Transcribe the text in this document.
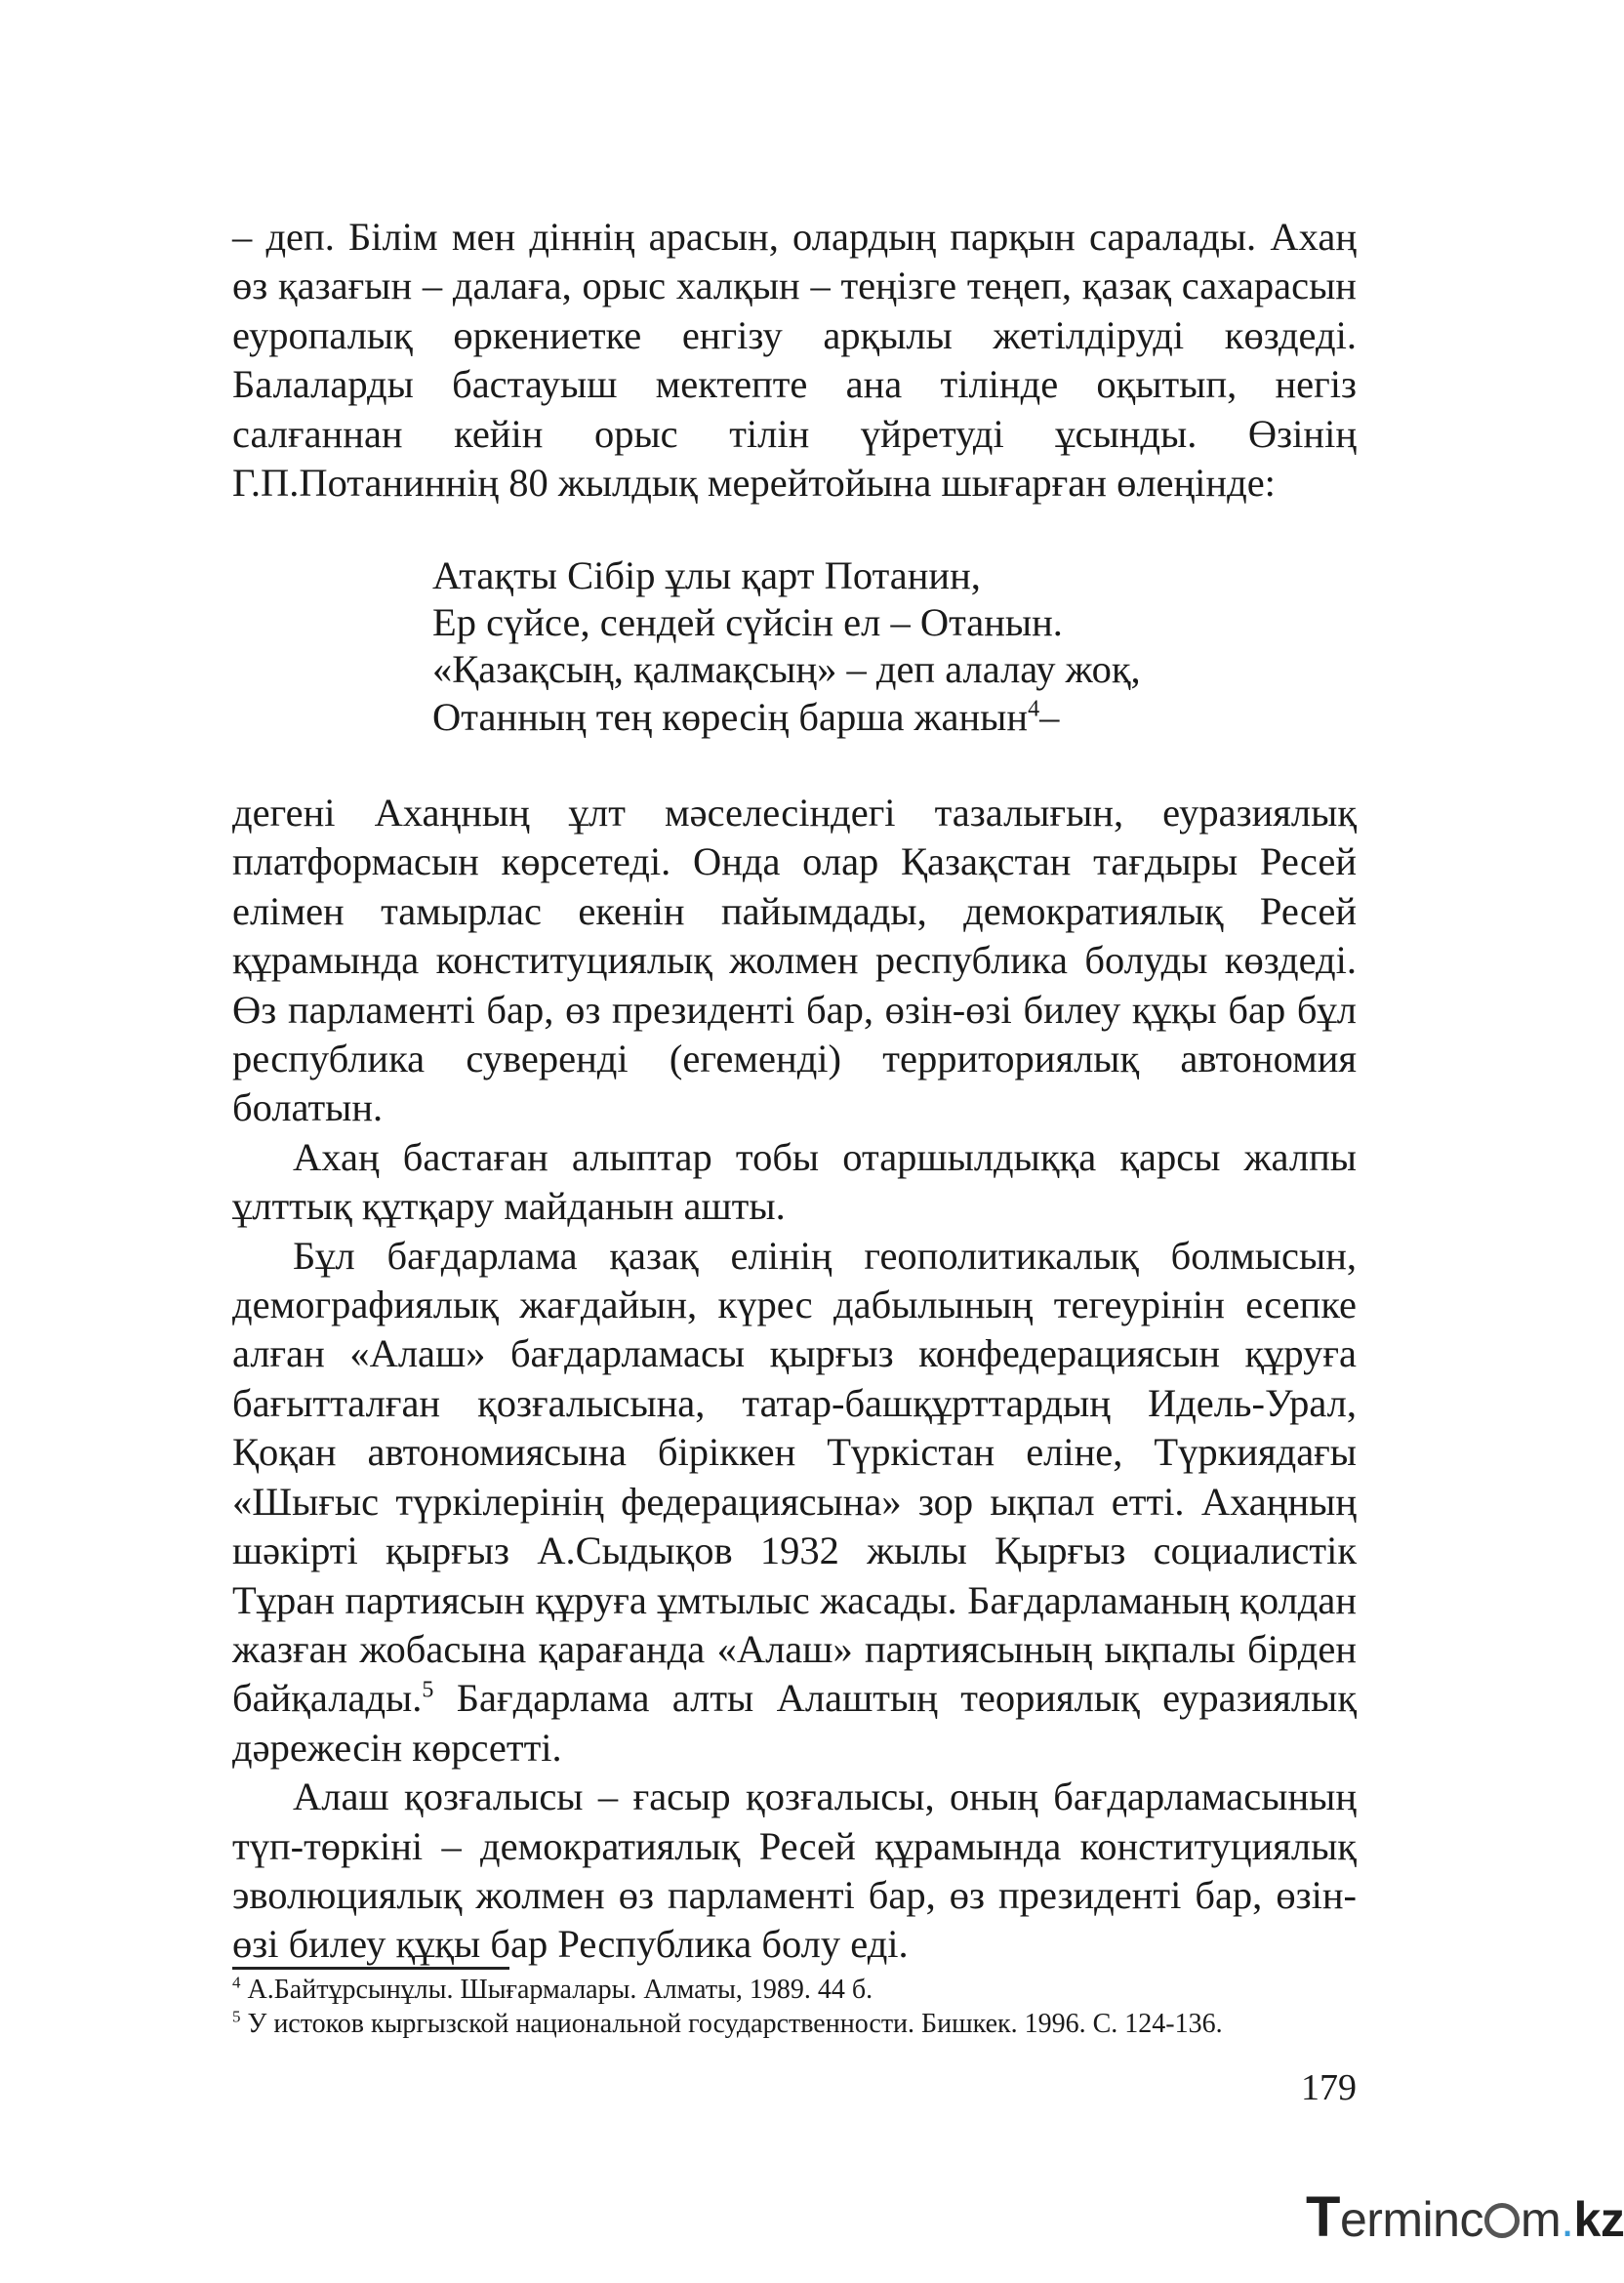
– деп. Білім мен діннің арасын, олардың парқын саралады. Ахаң өз қазағын – далаға, орыс халқын – теңізге теңеп, қазақ сахарасын еуропалық өркениетке енгізу арқылы жетілдіруді көздеді. Балаларды бастауыш мектепте ана тілінде оқытып, негіз салғаннан кейін орыс тілін үйретуді ұсынды. Өзінің Г.П.Потаниннің 80 жылдық мерейтойына шығарған өлеңінде:

Атақты Сібір ұлы қарт Потанин,
Ер сүйсе, сендей сүйсін ел – Отанын.
«Қазақсың, қалмақсың» – деп алалау жоқ,
Отанның тең көресің барша жанын$^4$–

дегені Ахаңның ұлт мәселесіндегі тазалығын, еуразиялық платформасын көрсетеді. Онда олар Қазақстан тағдыры Ресей елімен тамырлас екенін пайымдады, демократиялық Ресей құрамында конституциялық жолмен республика болуды көздеді. Өз парламенті бар, өз президенті бар, өзін-өзі билеу құқы бар бұл республика суверенді (егеменді) территориялық автономия болатын.

Ахаң бастаған алыптар тобы отаршылдыққа қарсы жалпы ұлттық құтқару майданын ашты.

Бұл бағдарлама қазақ елінің геополитикалық болмысын, демографиялық жағдайын, күрес дабылының тегеурінін есепке алған «Алаш» бағдарламасы қырғыз конфедерациясын құруға бағытталған қозғалысына, татар-башқұрттардың Идель-Урал, Қоқан автономиясына біріккен Түркістан еліне, Түркиядағы «Шығыс түркілерінің федерациясына» зор ықпал етті. Ахаңның шәкірті қырғыз А.Сыдықов 1932 жылы Қырғыз социалистік Тұран партиясын құруға ұмтылыс жасады. Бағдарламаның қолдан жазған жобасына қарағанда «Алаш» партиясының ықпалы бірден байқалады.$^5$ Бағдарлама алты Алаштың теориялық еуразиялық дәрежесін көрсетті.

Алаш қозғалысы – ғасыр қозғалысы, оның бағдарламасының түп-төркіні – демократиялық Ресей құрамында конституциялық эволюциялық жолмен өз парламенті бар, өз президенті бар, өзін-өзі билеу құқы бар Республика болу еді.

$^4$ А.Байтұрсынұлы. Шығармалары. Алматы, 1989. 44 б.
$^5$ У истоков кыргызской национальной государственности. Бишкек. 1996. С. 124-136.
179
Terminc m.kz
